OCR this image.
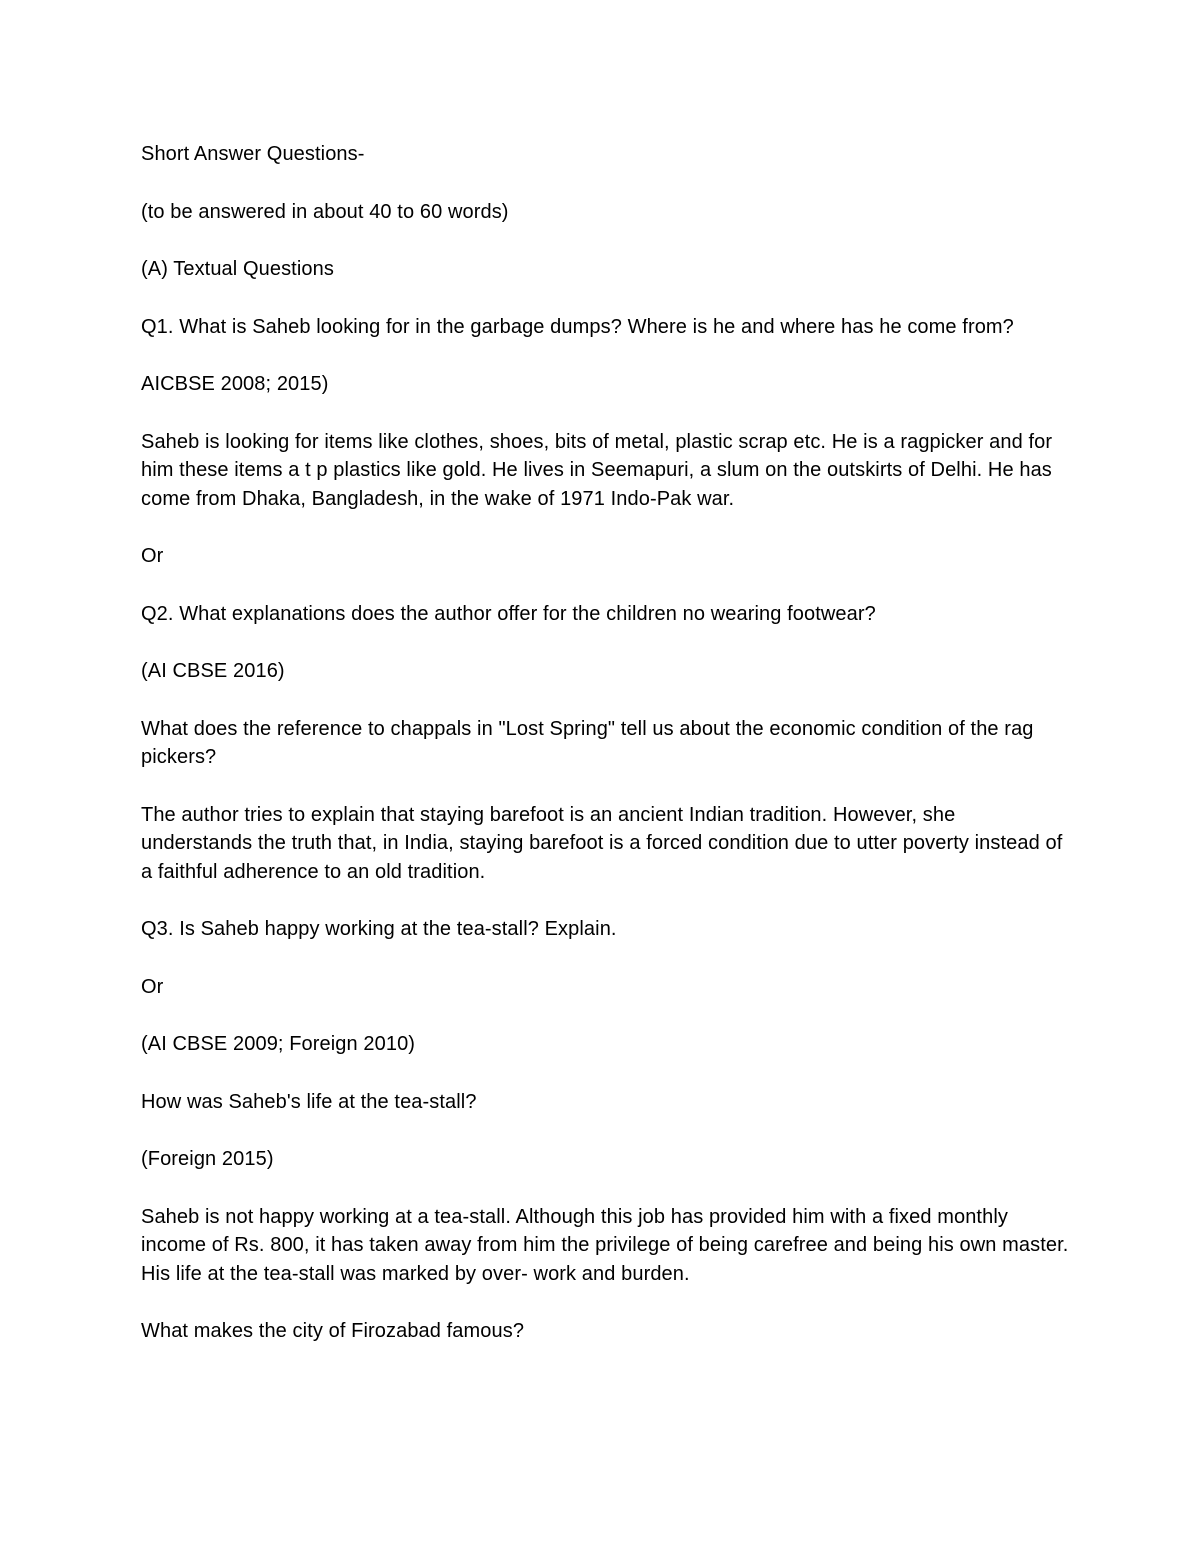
Short Answer Questions-

(to be answered in about 40 to 60 words)

(A) Textual Questions

Q1. What is Saheb looking for in the garbage dumps? Where is he and where has he come from?

AICBSE 2008; 2015)

Saheb is looking for items like clothes, shoes, bits of metal, plastic scrap etc. He is a ragpicker and for him these items a t p plastics like gold. He lives in Seemapuri, a slum on the outskirts of Delhi. He has come from Dhaka, Bangladesh, in the wake of 1971 Indo-Pak war.

Or

Q2. What explanations does the author offer for the children no wearing footwear?

(AI CBSE 2016)

What does the reference to chappals in "Lost Spring" tell us about the economic condition of the rag pickers?

The author tries to explain that staying barefoot is an ancient Indian tradition. However, she understands the truth that, in India, staying barefoot is a forced condition due to utter poverty instead of a faithful adherence to an old tradition.

Q3. Is Saheb happy working at the tea-stall? Explain.

Or

(AI CBSE 2009; Foreign 2010)

How was Saheb's life at the tea-stall?

(Foreign 2015)

Saheb is not happy working at a tea-stall. Although this job has provided him with a fixed monthly income of Rs. 800, it has taken away from him the privilege of being carefree and being his own master. His life at the tea-stall was marked by over- work and burden.

What makes the city of Firozabad famous?
